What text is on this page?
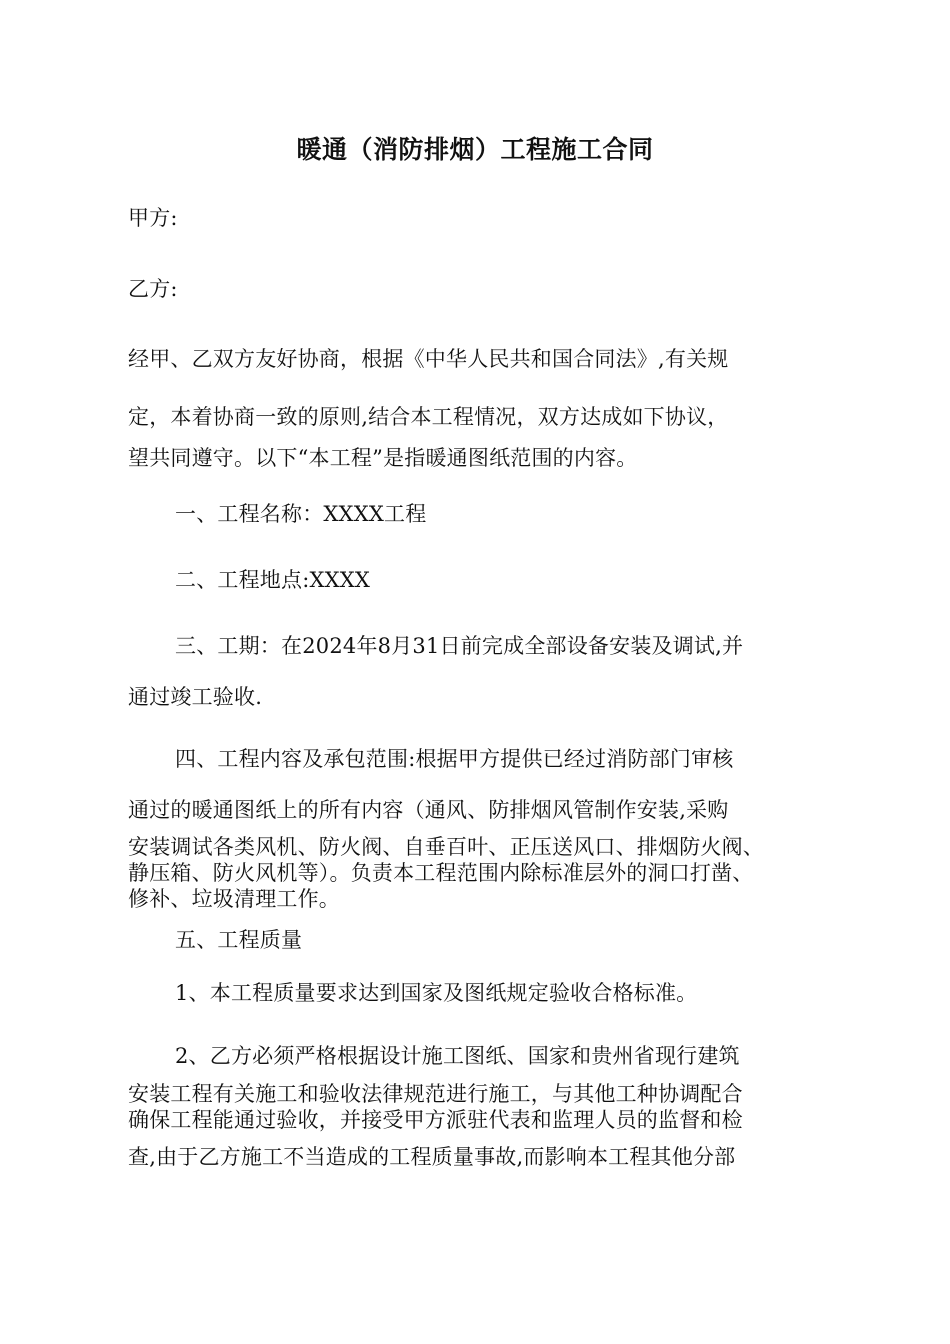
暖通（消防排烟）工程施工合同
甲方:
乙方:
经甲、乙双方友好协商，根据《中华人民共和国合同法》,有关规
定，本着协商一致的原则,结合本工程情况，双方达成如下协议，
望共同遵守。以下“本工程”是指暖通图纸范围的内容。
一、工程名称：XXXX工程
二、工程地点:XXXX
三、工期：在2024年8月31日前完成全部设备安装及调试,并
通过竣工验收.
四、工程内容及承包范围:根据甲方提供已经过消防部门审核
通过的暖通图纸上的所有内容（通风、防排烟风管制作安装,采购
安装调试各类风机、防火阀、自垂百叶、正压送风口、排烟防火阀、
静压箱、防火风机等）。负责本工程范围内除标准层外的洞口打凿、
修补、垃圾清理工作。
五、工程质量
1、本工程质量要求达到国家及图纸规定验收合格标准。
2、乙方必须严格根据设计施工图纸、国家和贵州省现行建筑
安装工程有关施工和验收法律规范进行施工，与其他工种协调配合
确保工程能通过验收，并接受甲方派驻代表和监理人员的监督和检
查,由于乙方施工不当造成的工程质量事故,而影响本工程其他分部
